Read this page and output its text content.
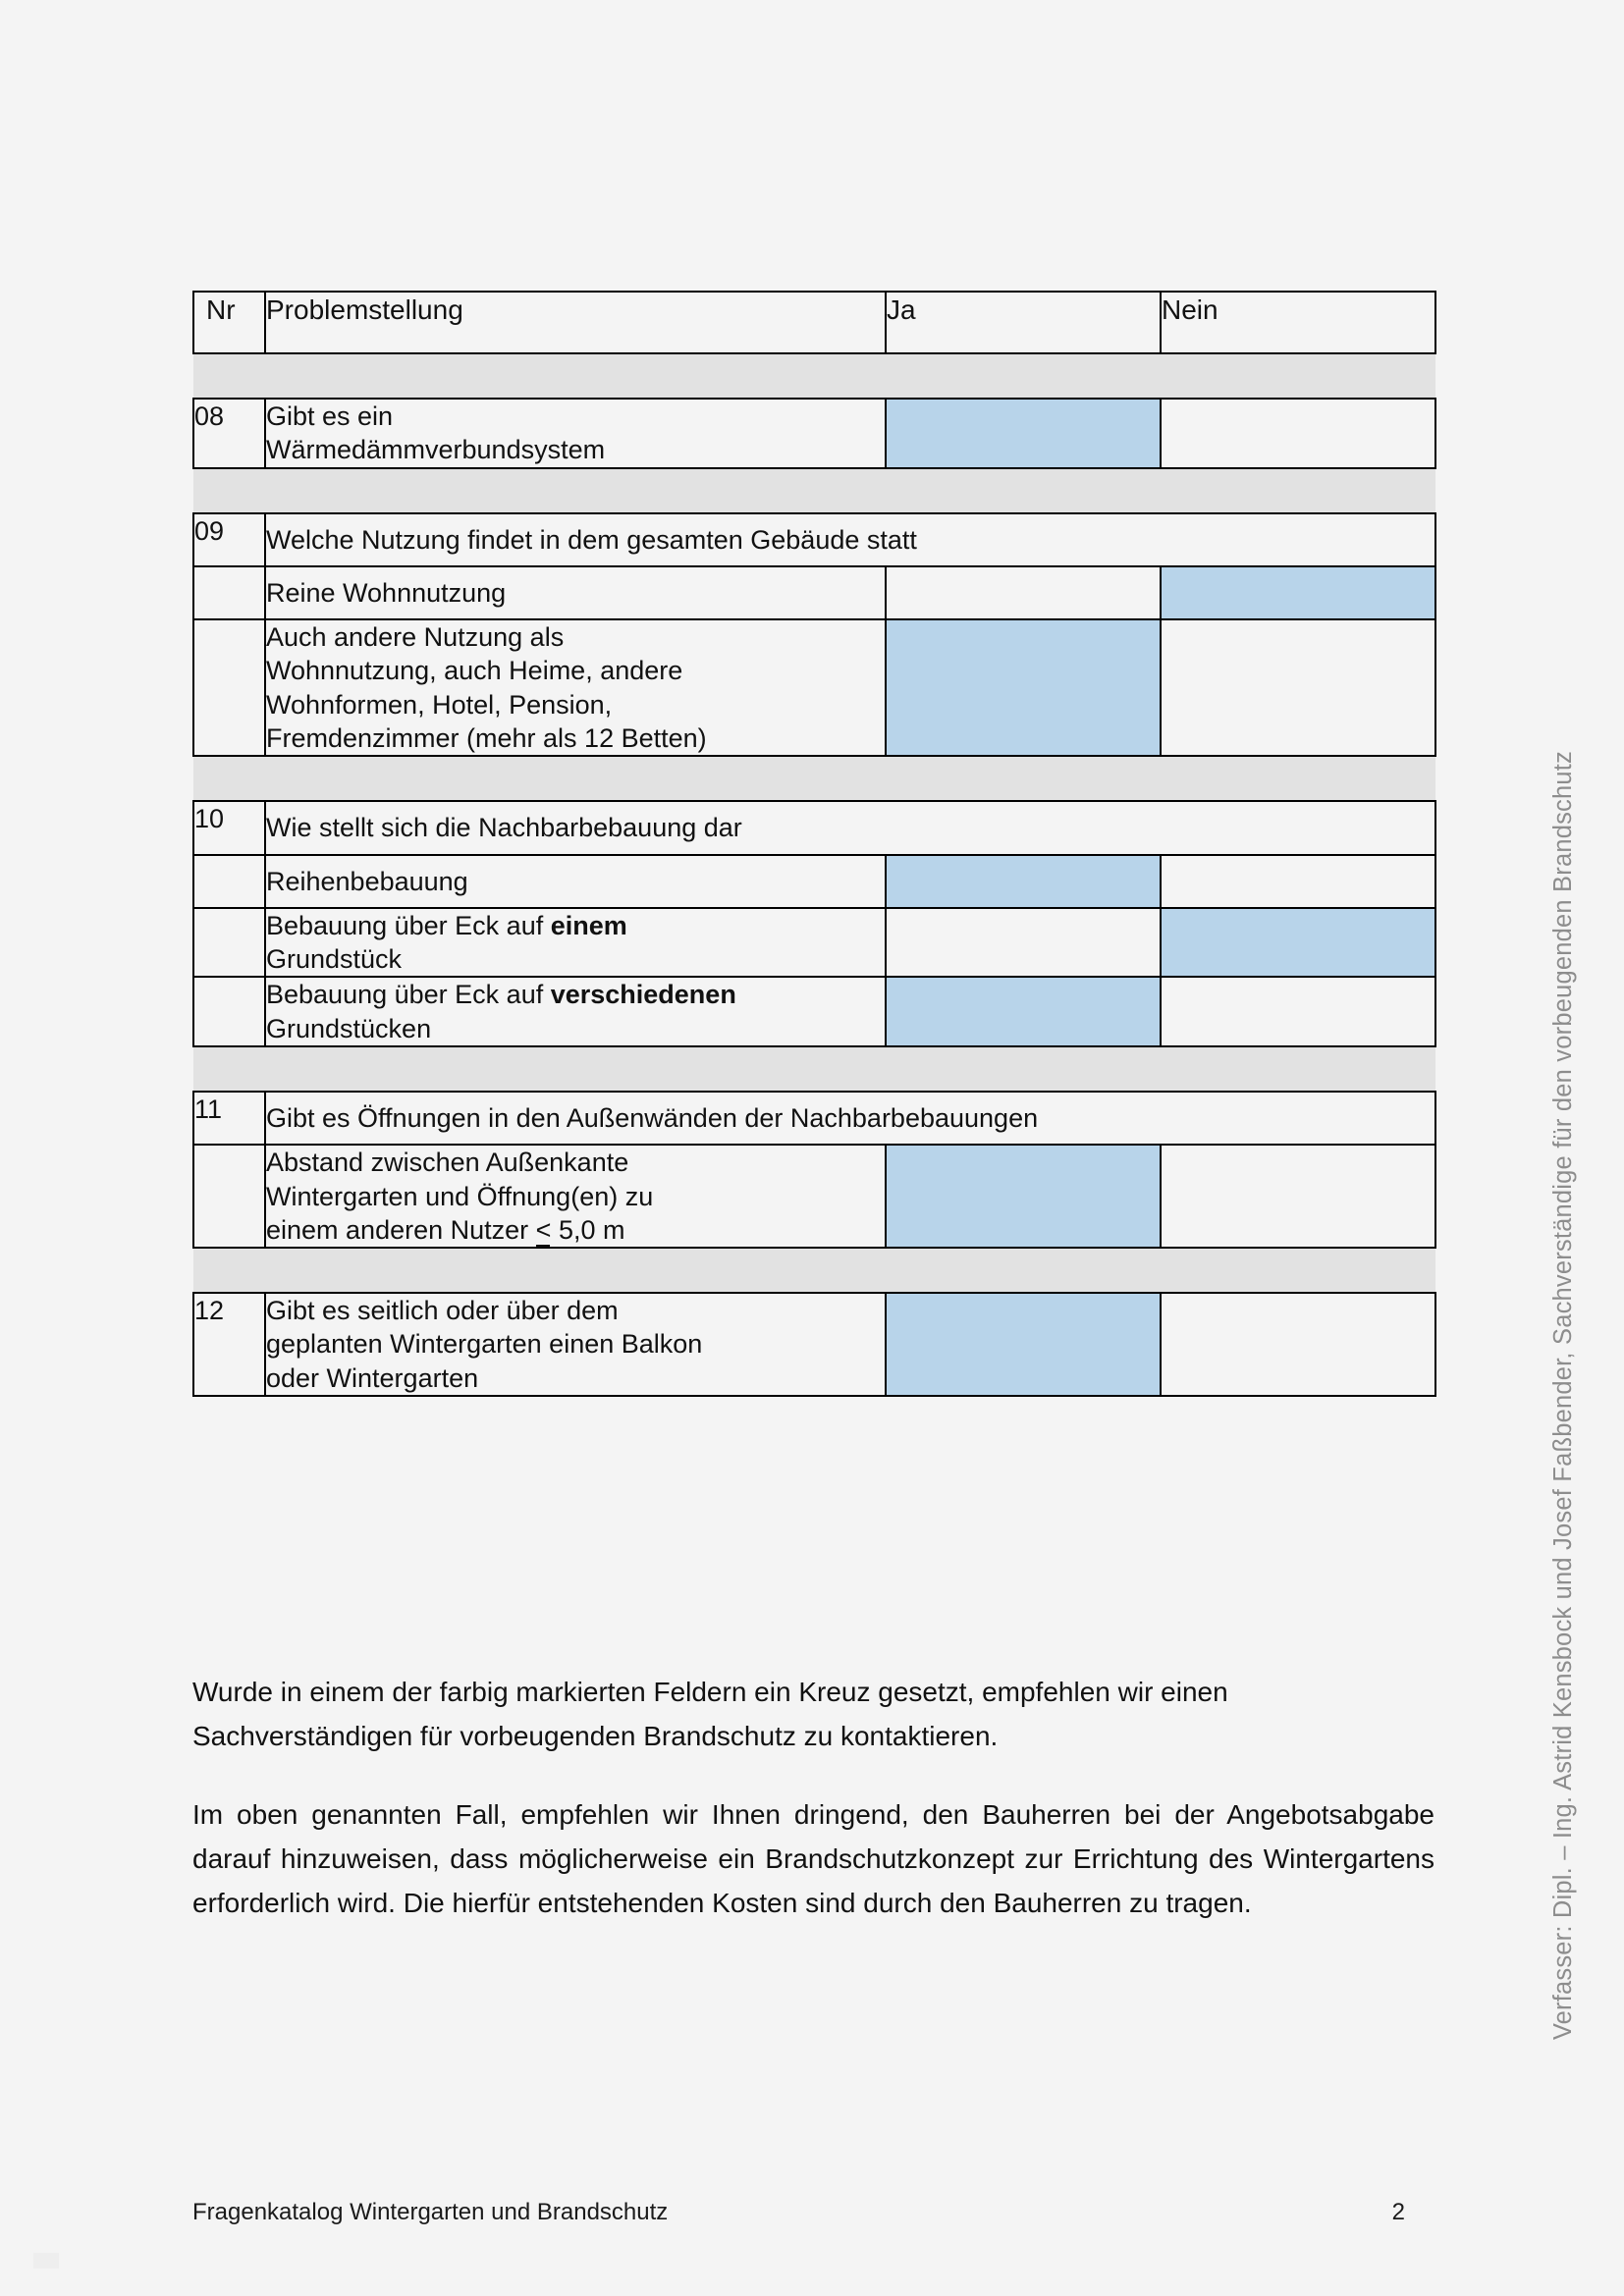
Verfasser: Dipl. – Ing. Astrid Kensbock und Josef Faßbender, Sachverständige für den vorbeugenden Brandschutz
Nr	Problemstellung	Ja	Nein

08	Gibt es ein

Wärmedämmverbundsystem		

09	Welche Nutzung findet in dem gesamten Gebäude statt		

	Reine Wohnnutzung		

	Auch andere Nutzung als

Wohnnutzung, auch Heime, andere

Wohnformen, Hotel, Pension,

Fremdenzimmer (mehr als 12 Betten)		

10	Wie stellt sich die Nachbarbebauung dar		

	Reihenbebauung		

	Bebauung über Eck auf einem

Grundstück		

	Bebauung über Eck auf verschiedenen

Grundstücken		

11	Gibt es Öffnungen in den Außenwänden der Nachbarbebauungen		

	Abstand zwischen Außenkante

Wintergarten und Öffnung(en) zu

einem anderen Nutzer < 5,0 m		

12	Gibt es seitlich oder über dem

geplanten Wintergarten einen Balkon

oder Wintergarten		

Wurde in einem der farbig markierten Feldern ein Kreuz gesetzt, empfehlen wir einen Sachverständigen für vorbeugenden Brandschutz zu kontaktieren.

Im oben genannten Fall, empfehlen wir Ihnen dringend, den Bauherren bei der Angebotsabgabe darauf hinzuweisen, dass möglicherweise ein Brandschutzkonzept zur Errichtung des Wintergartens erforderlich wird. Die hierfür entstehenden Kosten sind durch den Bauherren zu tragen.

Fragenkatalog Wintergarten und Brandschutz	2
